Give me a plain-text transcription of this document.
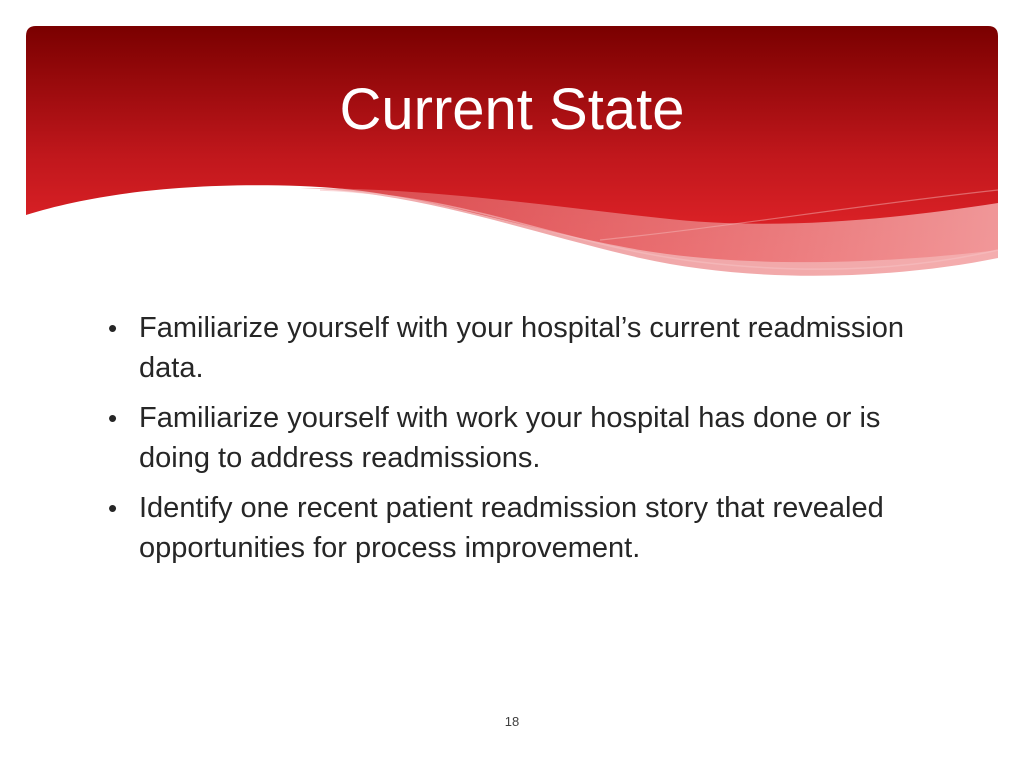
Current State
• Familiarize yourself with your hospital’s current readmission data.
• Familiarize yourself with work your hospital has done or is doing to address readmissions.
• Identify one recent patient readmission story that revealed opportunities for process improvement.
18
